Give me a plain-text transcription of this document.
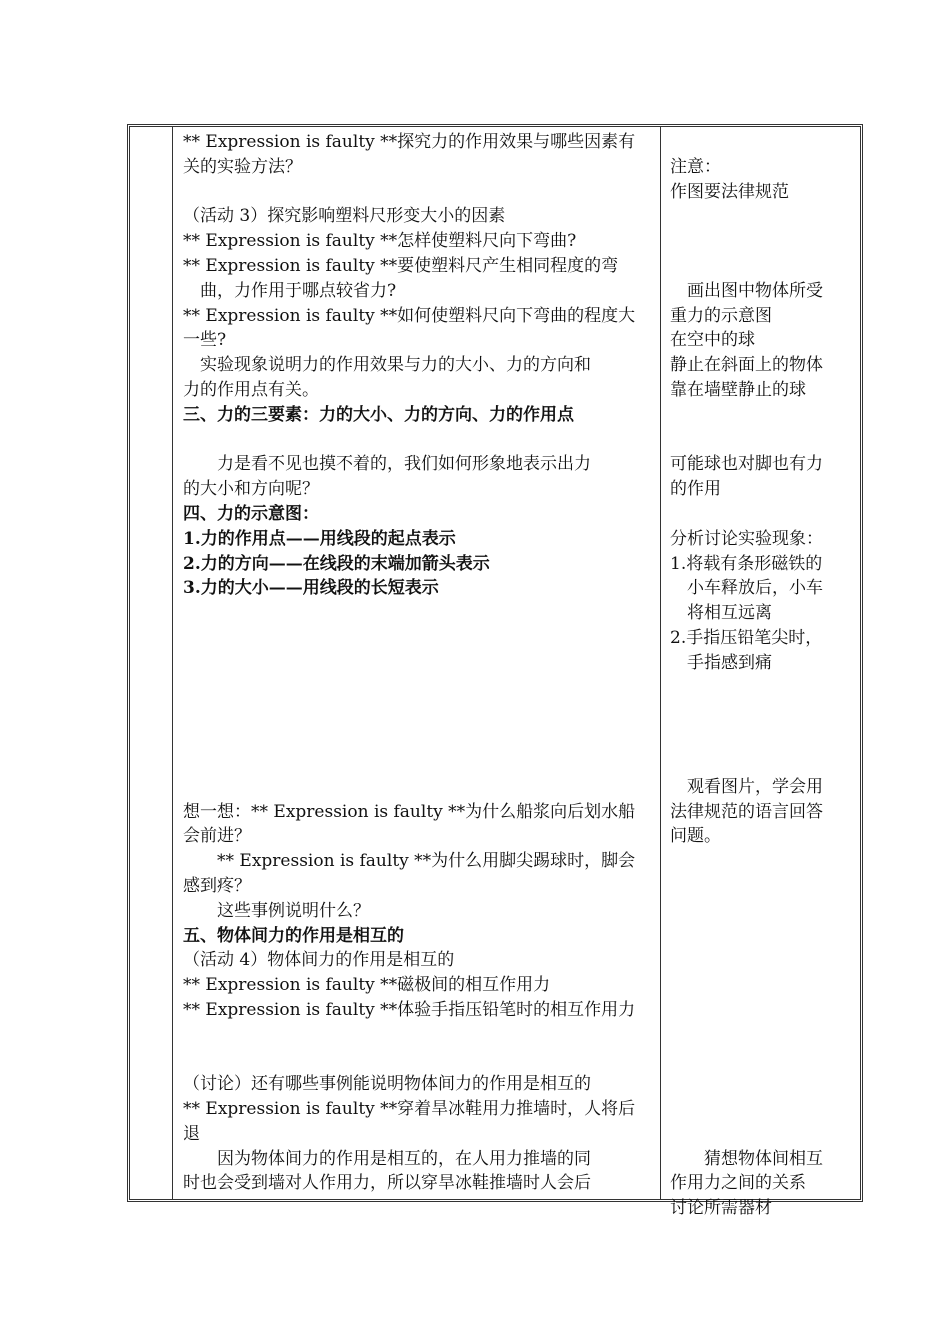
** Expression is faulty **探究力的作用效果与哪些因素有
关的实验方法？
（活动 3）探究影响塑料尺形变大小的因素
** Expression is faulty **怎样使塑料尺向下弯曲?
** Expression is faulty **要使塑料尺产生相同程度的弯
　曲，力作用于哪点较省力?
** Expression is faulty **如何使塑料尺向下弯曲的程度大
一些?
　实验现象说明力的作用效果与力的大小、力的方向和
力的作用点有关。
三、力的三要素：力的大小、力的方向、力的作用点
　　力是看不见也摸不着的，我们如何形象地表示出力
的大小和方向呢？
四、力的示意图：
1.力的作用点——用线段的起点表示
2.力的方向——在线段的末端加箭头表示
3.力的大小——用线段的长短表示
想一想：** Expression is faulty **为什么船浆向后划水船
会前进？
　　** Expression is faulty **为什么用脚尖踢球时，脚会
感到疼？
　　这些事例说明什么？
五、物体间力的作用是相互的
（活动 4）物体间力的作用是相互的
** Expression is faulty **磁极间的相互作用力
** Expression is faulty **体验手指压铅笔时的相互作用力
（讨论）还有哪些事例能说明物体间力的作用是相互的
** Expression is faulty **穿着旱冰鞋用力推墙时，人将后
退
　　因为物体间力的作用是相互的，在人用力推墙的同
时也会受到墙对人作用力，所以穿旱冰鞋推墙时人会后
注意：
作图要法律规范
　画出图中物体所受
重力的示意图
在空中的球
静止在斜面上的物体
靠在墙壁静止的球
可能球也对脚也有力
的作用
分析讨论实验现象：
1.将载有条形磁铁的
　小车释放后，小车
　将相互远离
2.手指压铅笔尖时，
　手指感到痛
　观看图片，学会用
法律规范的语言回答
问题。
　　猜想物体间相互
作用力之间的关系
讨论所需器材
